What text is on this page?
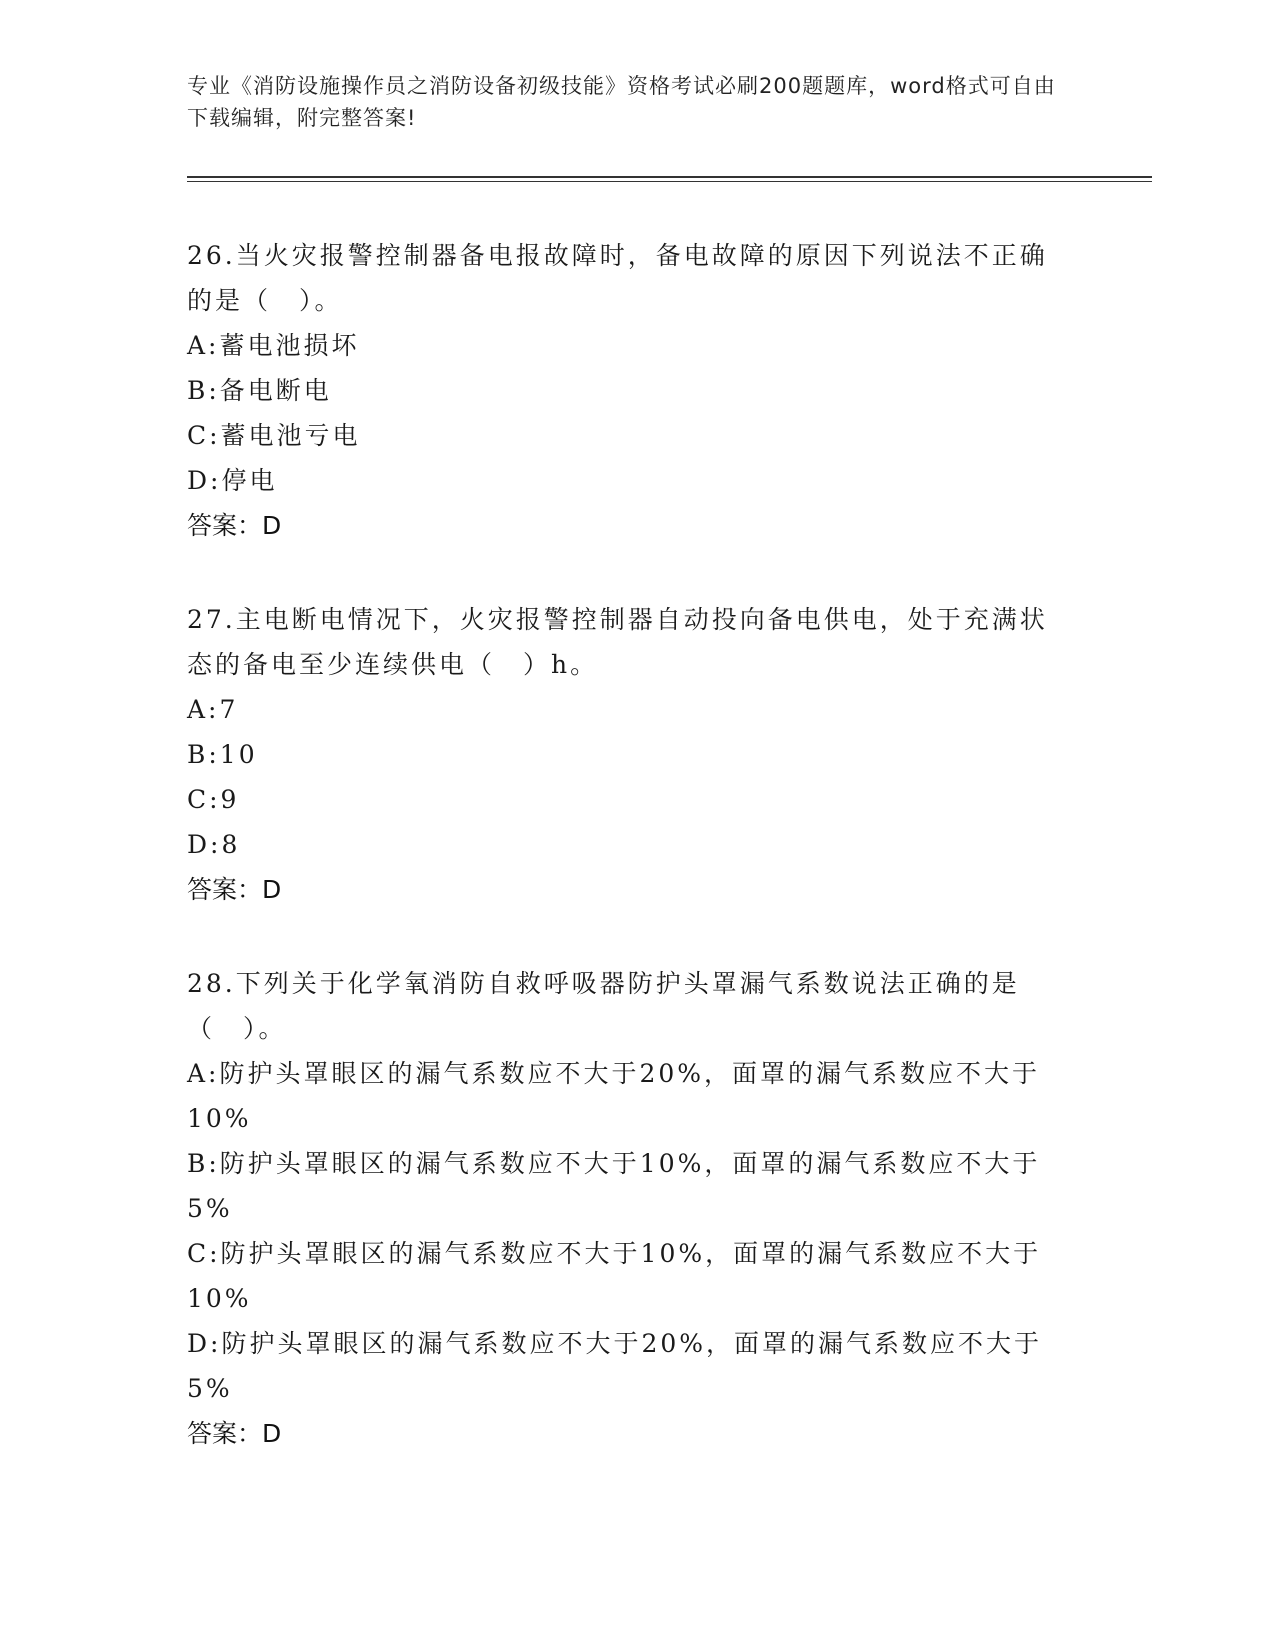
专业《消防设施操作员之消防设备初级技能》资格考试必刷200题题库，word格式可自由下载编辑，附完整答案!

26.当火灾报警控制器备电报故障时，备电故障的原因下列说法不正确的是（　）。

A:蓄电池损坏

B:备电断电

C:蓄电池亏电

D:停电

答案：D

27.主电断电情况下，火灾报警控制器自动投向备电供电，处于充满状态的备电至少连续供电（　）h。

A:7

B:10

C:9

D:8

答案：D

28.下列关于化学氧消防自救呼吸器防护头罩漏气系数说法正确的是（　）。

A:防护头罩眼区的漏气系数应不大于20%，面罩的漏气系数应不大于10%

B:防护头罩眼区的漏气系数应不大于10%，面罩的漏气系数应不大于5%

C:防护头罩眼区的漏气系数应不大于10%，面罩的漏气系数应不大于10%

D:防护头罩眼区的漏气系数应不大于20%，面罩的漏气系数应不大于5%

答案：D
